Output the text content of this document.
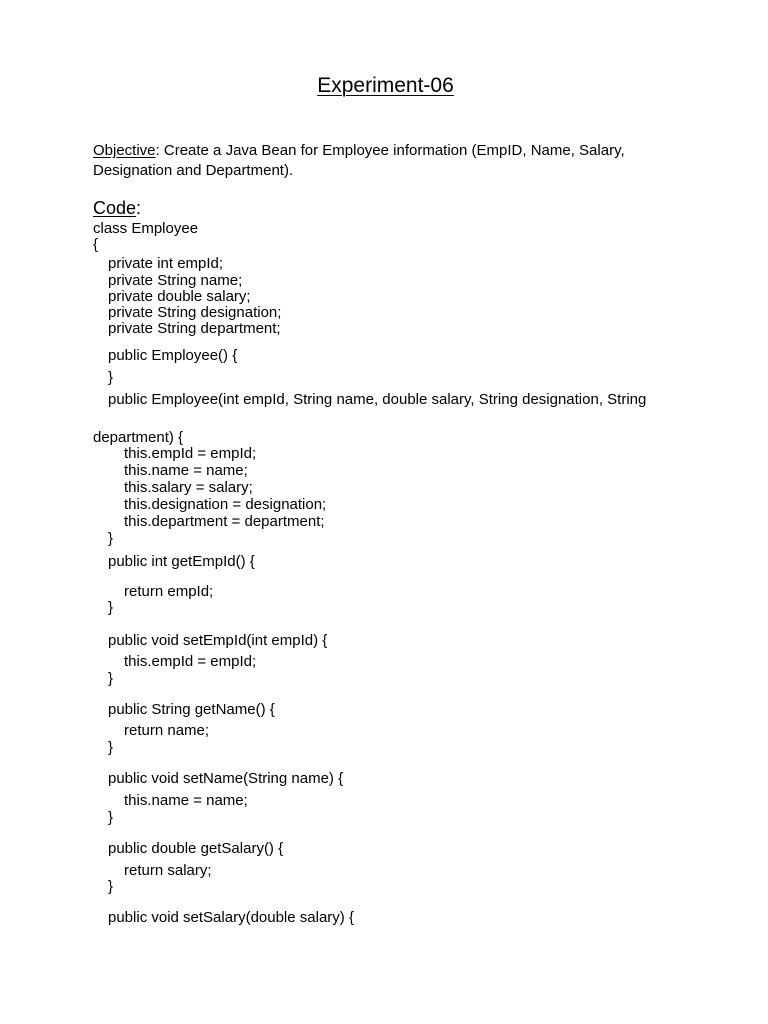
Experiment-06
Objective: Create a Java Bean for Employee information (EmpID, Name, Salary, Designation and Department).
Code:
class Employee
{
private int empId;
private String name;
private double salary;
private String designation;
private String department;
public Employee() {
}
public Employee(int empId, String name, double salary, String designation, String
department) {
this.empId = empId;
this.name = name;
this.salary = salary;
this.designation = designation;
this.department = department;
}
public int getEmpId() {
return empId;
}
public void setEmpId(int empId) {
this.empId = empId;
}
public String getName() {
return name;
}
public void setName(String name) {
this.name = name;
}
public double getSalary() {
return salary;
}
public void setSalary(double salary) {
